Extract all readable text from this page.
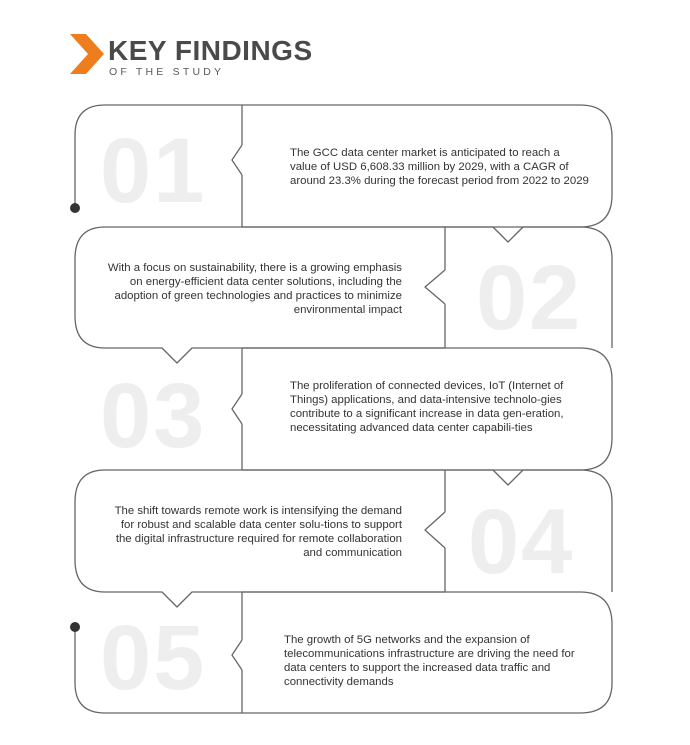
KEY FINDINGS
OF THE STUDY
01	The GCC data center market is anticipated to reach a value of USD 6,608.33 million by 2029, with a CAGR of around 23.3% during the forecast period from 2022 to 2029
02
With a focus on sustainability, there is a growing emphasis on energy-efficient data center solutions, including the adoption of green technologies and practices to minimize environmental impact
03	The proliferation of connected devices, IoT (Internet of Things) applications, and data-intensive technolo-gies contribute to a significant increase in data gen-eration, necessitating advanced data center capabili-ties
04
The shift towards remote work is intensifying the demand for robust and scalable data center solu-tions to support the digital infrastructure required for remote collaboration and communication
05	The growth of 5G networks and the expansion of telecommunications infrastructure are driving the need for data centers to support the increased data traffic and connectivity demands
